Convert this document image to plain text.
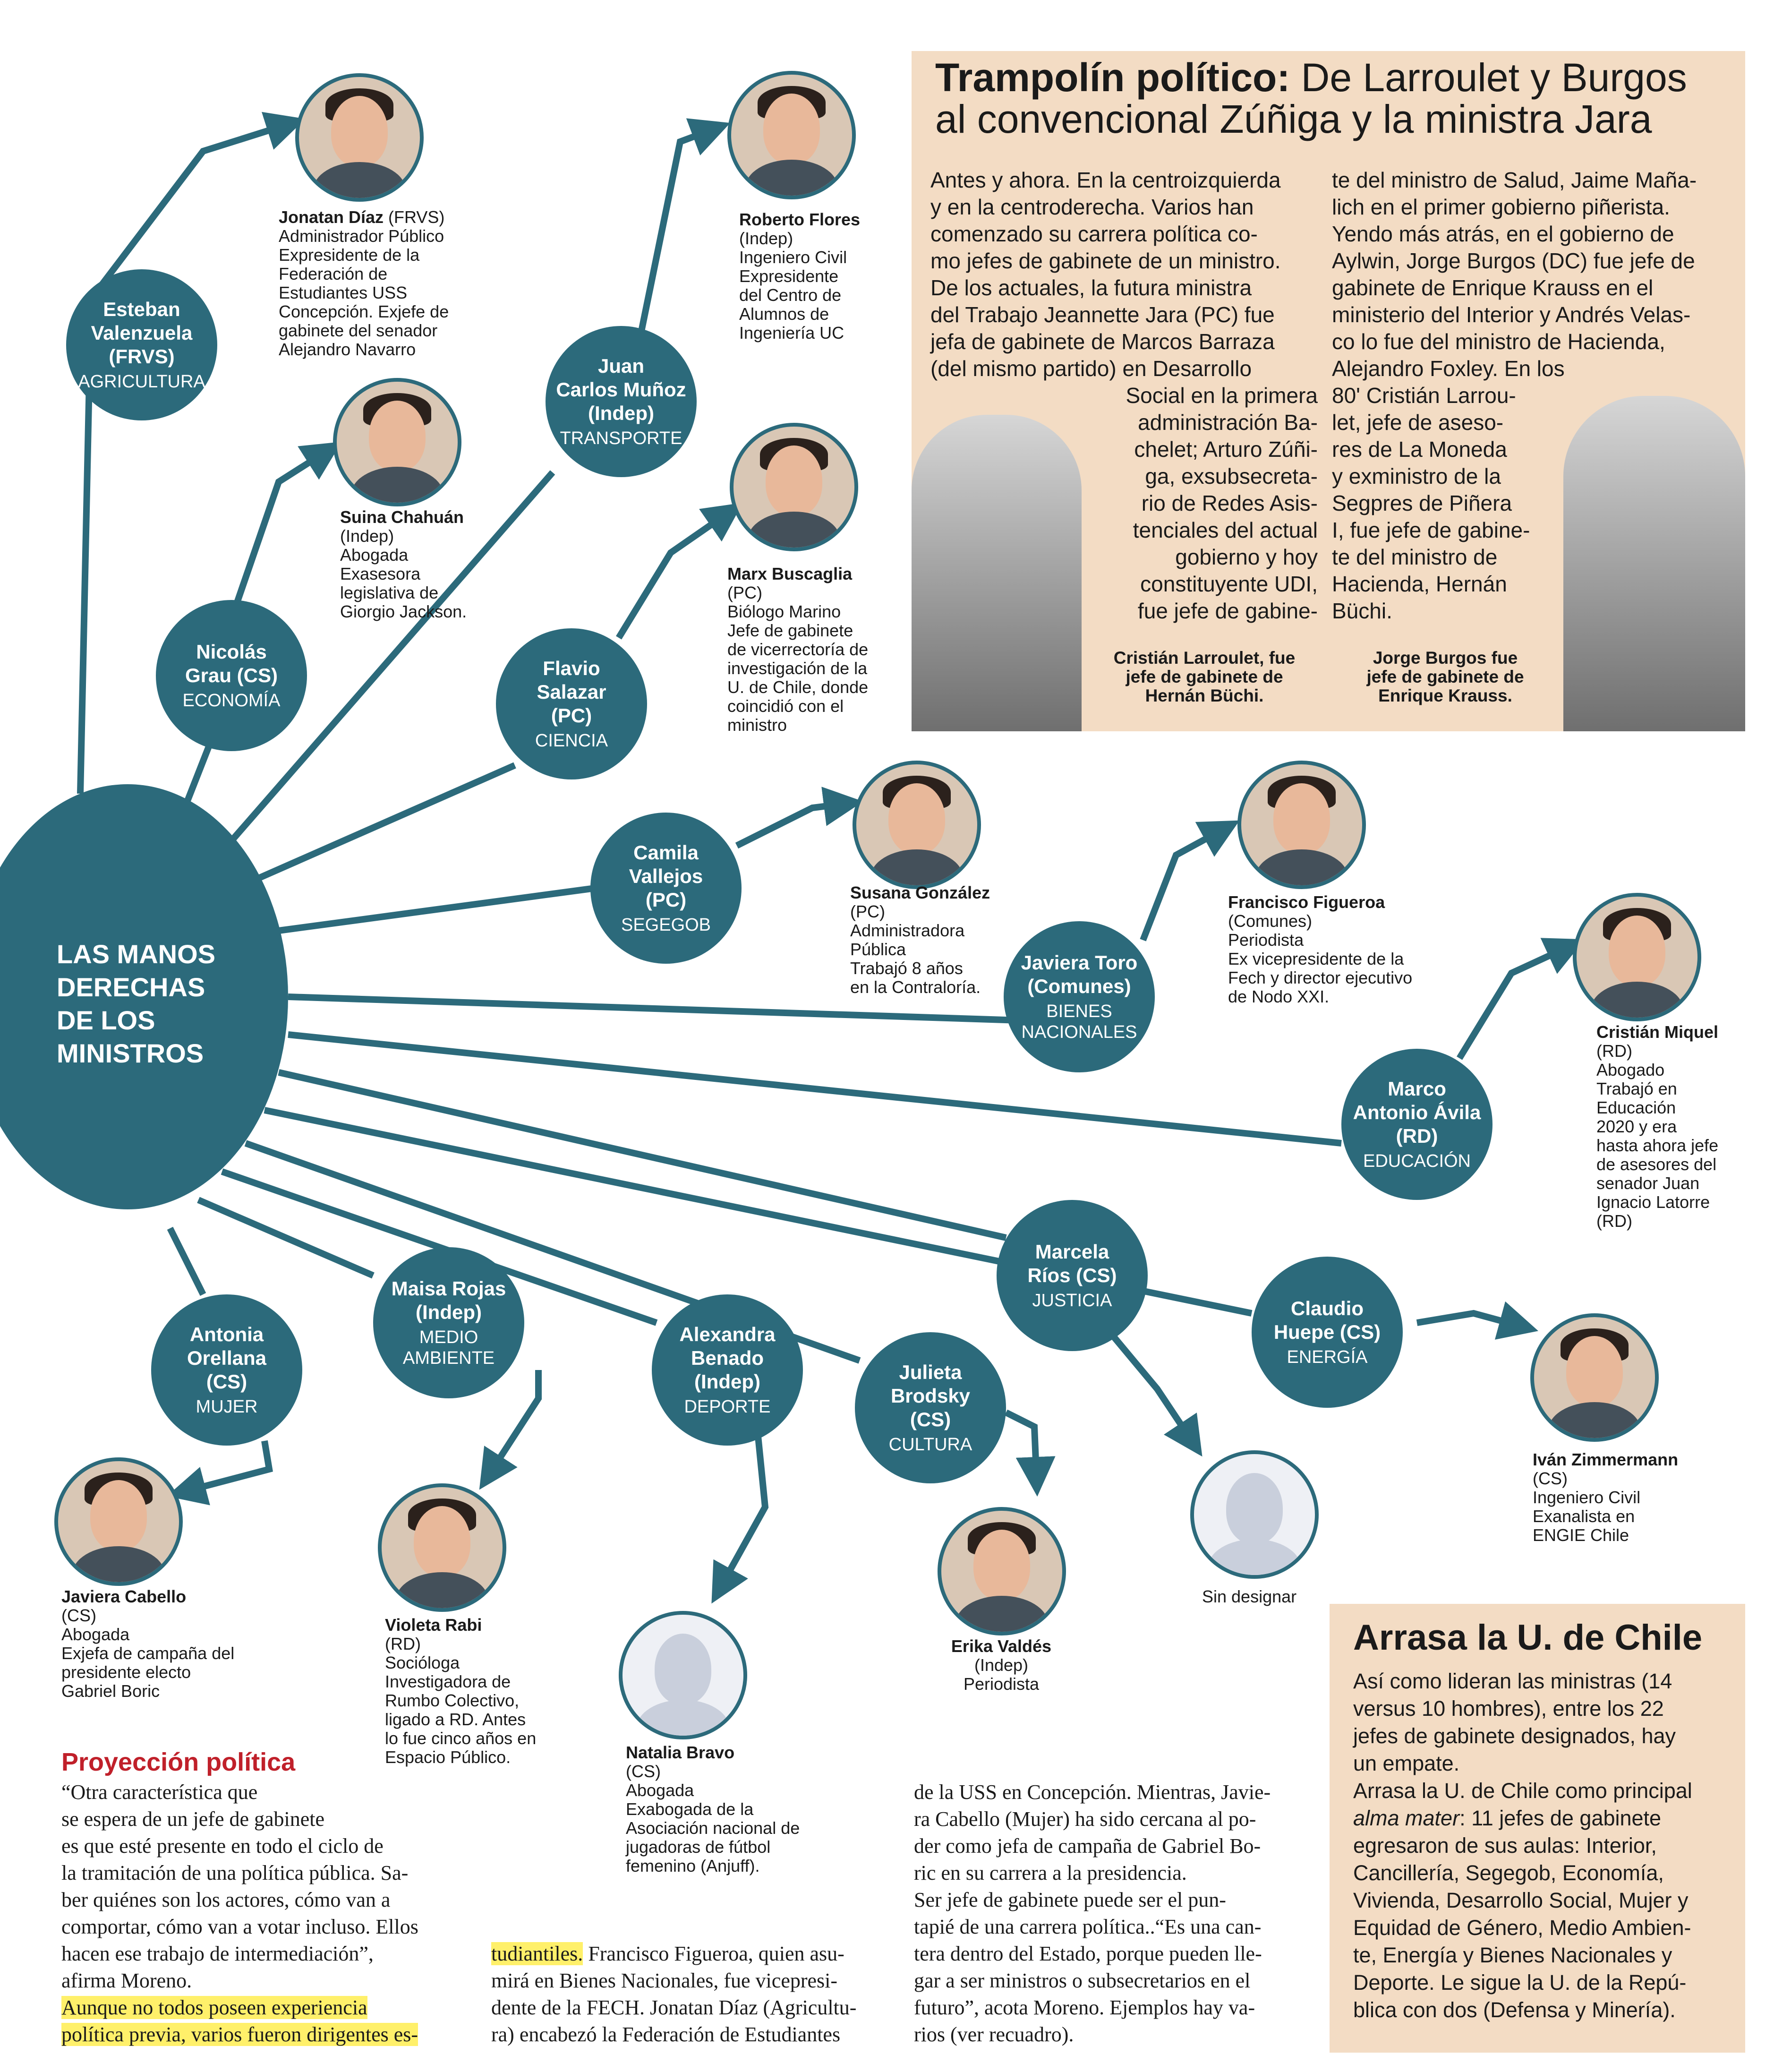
LAS MANOS
DERECHAS
DE LOS
MINISTROS
Esteban
Valenzuela
(FRVS)
AGRICULTURA
Nicolás
Grau (CS)
ECONOMÍA
Juan
Carlos Muñoz
(Indep)
TRANSPORTE
Flavio
Salazar
(PC)
CIENCIA
Camila
Vallejos
(PC)
SEGEGOB
Javiera Toro
(Comunes)
BIENES
NACIONALES
Marco
Antonio Ávila
(RD)
EDUCACIÓN
Marcela
Ríos (CS)
JUSTICIA	Claudio
Huepe (CS)
ENERGÍA
Julieta
Brodsky
(CS)
CULTURA
Alexandra
Benado
(Indep)
DEPORTE
Maisa Rojas
(Indep)
MEDIO
AMBIENTE
Antonia
Orellana
(CS)
MUJER
Jonatan Díaz (FRVS)
Administrador Público
Expresidente de la
Federación de
Estudiantes USS
Concepción. Exjefe de
gabinete del senador
Alejandro Navarro
Roberto Flores
(Indep)
Ingeniero Civil
Expresidente
del Centro de
Alumnos de
Ingeniería UC
Suina Chahuán
(Indep)
Abogada
Exasesora
legislativa de
Giorgio Jackson.
Marx Buscaglia
(PC)
Biólogo Marino
Jefe de gabinete
de vicerrectoría de
investigación de la
U. de Chile, donde
coincidió con el
ministro
Susana González
(PC)
Administradora
Pública
Trabajó 8 años
en la Contraloría.
Francisco Figueroa
(Comunes)
Periodista
Ex vicepresidente de la
Fech y director ejecutivo
de Nodo XXI.
Cristián Miquel
(RD)
Abogado
Trabajó en
Educación
2020 y era
hasta ahora jefe
de asesores del
senador Juan
Ignacio Latorre
(RD)
Iván Zimmermann
(CS)
Ingeniero Civil
Exanalista en
ENGIE Chile
Sin designar
Erika Valdés
(Indep)
Periodista
Natalia Bravo
(CS)
Abogada
Exabogada de la
Asociación nacional de
jugadoras de fútbol
femenino (Anjuff).
Violeta Rabi
(RD)
Socióloga
Investigadora de
Rumbo Colectivo,
ligado a RD. Antes
lo fue cinco años en
Espacio Público.
Javiera Cabello
(CS)
Abogada
Exjefa de campaña del
presidente electo
Gabriel Boric
Trampolín político: De Larroulet y Burgos
al convencional Zúñiga y la ministra Jara
Antes y ahora. En la centroizquierda
y en la centroderecha. Varios han
comenzado su carrera política co-
mo jefes de gabinete de un ministro.
De los actuales, la futura ministra
del Trabajo Jeannette Jara (PC) fue
jefa de gabinete de Marcos Barraza
(del mismo partido) en Desarrollo
Social en la primera
administración Ba-
chelet; Arturo Zúñi-
ga, exsubsecreta-
rio de Redes Asis-
tenciales del actual
gobierno y hoy
constituyente UDI,
fue jefe de gabine-
te del ministro de Salud, Jaime Maña-
lich en el primer gobierno piñerista.
Yendo más atrás, en el gobierno de
Aylwin, Jorge Burgos (DC) fue jefe de
gabinete de Enrique Krauss en el
ministerio del Interior y Andrés Velas-
co lo fue del ministro de Hacienda,
Alejandro Foxley. En los
80' Cristián Larrou-
let, jefe de aseso-
res de La Moneda
y exministro de la
Segpres de Piñera
I, fue jefe de gabine-
te del ministro de
Hacienda, Hernán
Büchi.
Cristián Larroulet, fue
jefe de gabinete de
Hernán Büchi.
Jorge Burgos fue
jefe de gabinete de
Enrique Krauss.
Arrasa la U. de Chile
Así como lideran las ministras (14
versus 10 hombres), entre los 22
jefes de gabinete designados, hay
un empate.
Arrasa la U. de Chile como principal
alma mater: 11 jefes de gabinete
egresaron de sus aulas: Interior,
Cancillería, Segegob, Economía,
Vivienda, Desarrollo Social, Mujer y
Equidad de Género, Medio Ambien-
te, Energía y Bienes Nacionales y
Deporte. Le sigue la U. de la Repú-
blica con dos (Defensa y Minería).
Proyección política
“Otra característica que
se espera de un jefe de gabinete
es que esté presente en todo el ciclo de
la tramitación de una política pública. Sa-
ber quiénes son los actores, cómo van a
comportar, cómo van a votar incluso. Ellos
hacen ese trabajo de intermediación”,
afirma Moreno.
Aunque no todos poseen experiencia
política previa, varios fueron dirigentes es-
tudiantiles. Francisco Figueroa, quien asu-
mirá en Bienes Nacionales, fue vicepresi-
dente de la FECH. Jonatan Díaz (Agricultu-
ra) encabezó la Federación de Estudiantes
de la USS en Concepción. Mientras, Javie-
ra Cabello (Mujer) ha sido cercana al po-
der como jefa de campaña de Gabriel Bo-
ric en su carrera a la presidencia.
Ser jefe de gabinete puede ser el pun-
tapié de una carrera política..“Es una can-
tera dentro del Estado, porque pueden lle-
gar a ser ministros o subsecretarios en el
futuro”, acota Moreno. Ejemplos hay va-
rios (ver recuadro).
